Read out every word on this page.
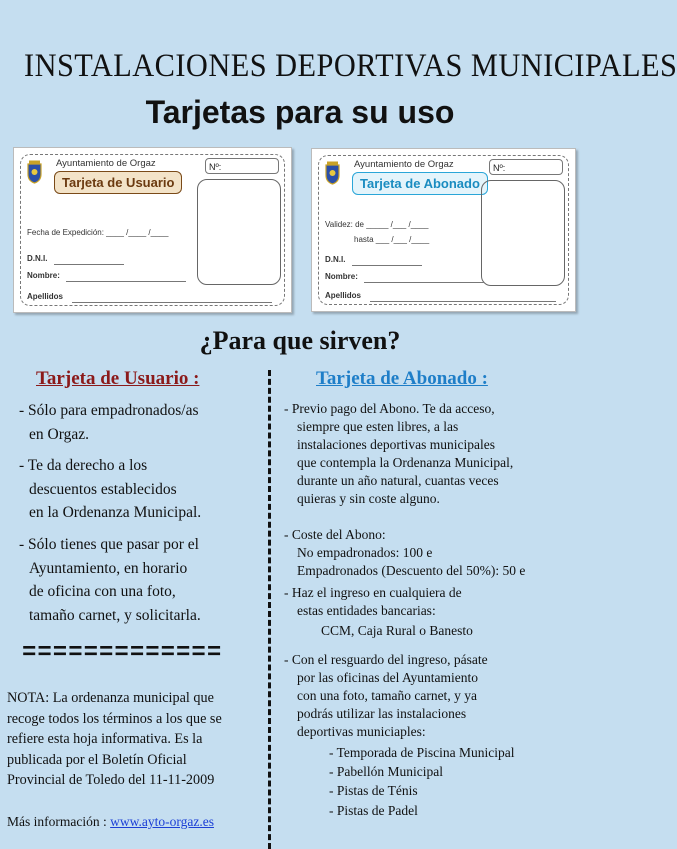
INSTALACIONES DEPORTIVAS MUNICIPALES
Tarjetas para su uso
Ayuntamiento de Orgaz
Tarjeta de Usuario
Nº:
Fecha de Expedición: ____ /____ /____
D.N.I.
Nombre:
Apellidos
Ayuntamiento de Orgaz
Tarjeta de Abonado
Nº:
Validez: de _____ /___ /____
hasta ___ /___ /____
D.N.I.
Nombre:
Apellidos
¿Para que sirven?
Tarjeta de Usuario :	Tarjeta de Abonado :
- Sólo para empadronados/as
en Orgaz.
- Te da derecho a los
descuentos establecidos
en la Ordenanza Municipal.
- Sólo tienes que pasar por el
Ayuntamiento, en horario
de oficina con una foto,
tamaño carnet, y solicitarla.
- Previo pago del Abono. Te da acceso,
siempre que esten libres, a las
instalaciones deportivas municipales
que contempla la Ordenanza Municipal,
durante un año natural, cuantas veces
quieras y sin coste alguno.
- Coste del Abono:
No empadronados: 100 e
Empadronados (Descuento del 50%): 50 e
- Haz el ingreso en cualquiera de
estas entidades bancarias:
CCM, Caja Rural o Banesto
- Con el resguardo del ingreso, pásate
por las oficinas del Ayuntamiento
con una foto, tamaño carnet, y ya
podrás utilizar las instalaciones
deportivas municiaples:
- Temporada de Piscina Municipal
- Pabellón Municipal
- Pistas de Ténis
- Pistas de Padel
=============
NOTA: La ordenanza municipal que
recoge todos los términos a los que se
refiere esta hoja informativa. Es la
publicada por el Boletín Oficial
Provincial de Toledo del 11-11-2009
Más información : www.ayto-orgaz.es
